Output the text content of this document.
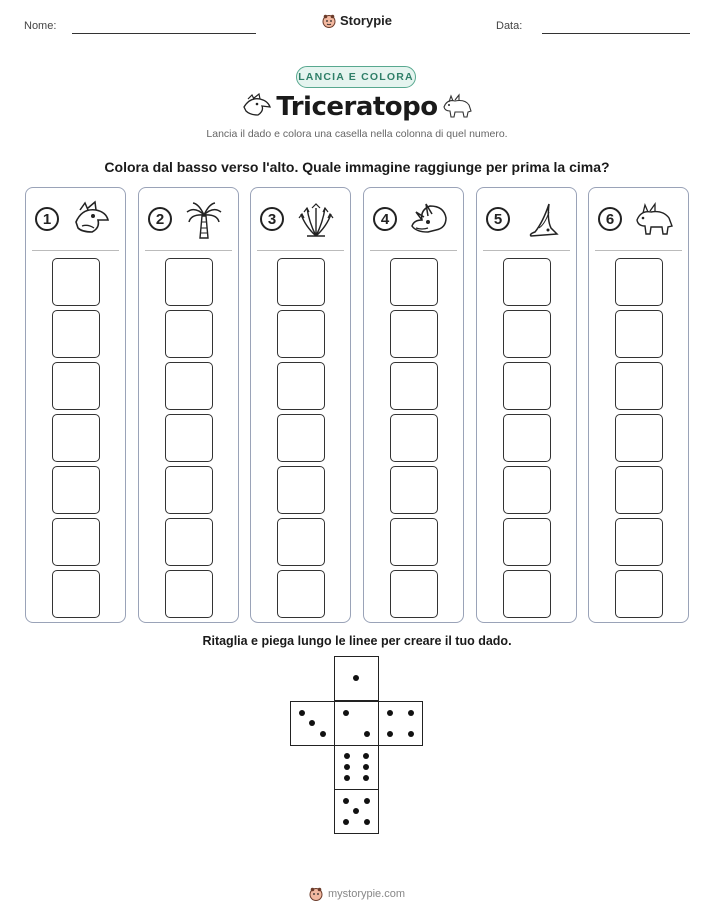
Nome:	Storypie	Data:
LANCIA E COLORA
Triceratopo
Lancia il dado e colora una casella nella colonna di quel numero.
Colora dal basso verso l'alto. Quale immagine raggiunge per prima la cima?
1	2	3	4	5	6
Ritaglia e piega lungo le linee per creare il tuo dado.
mystorypie.com
